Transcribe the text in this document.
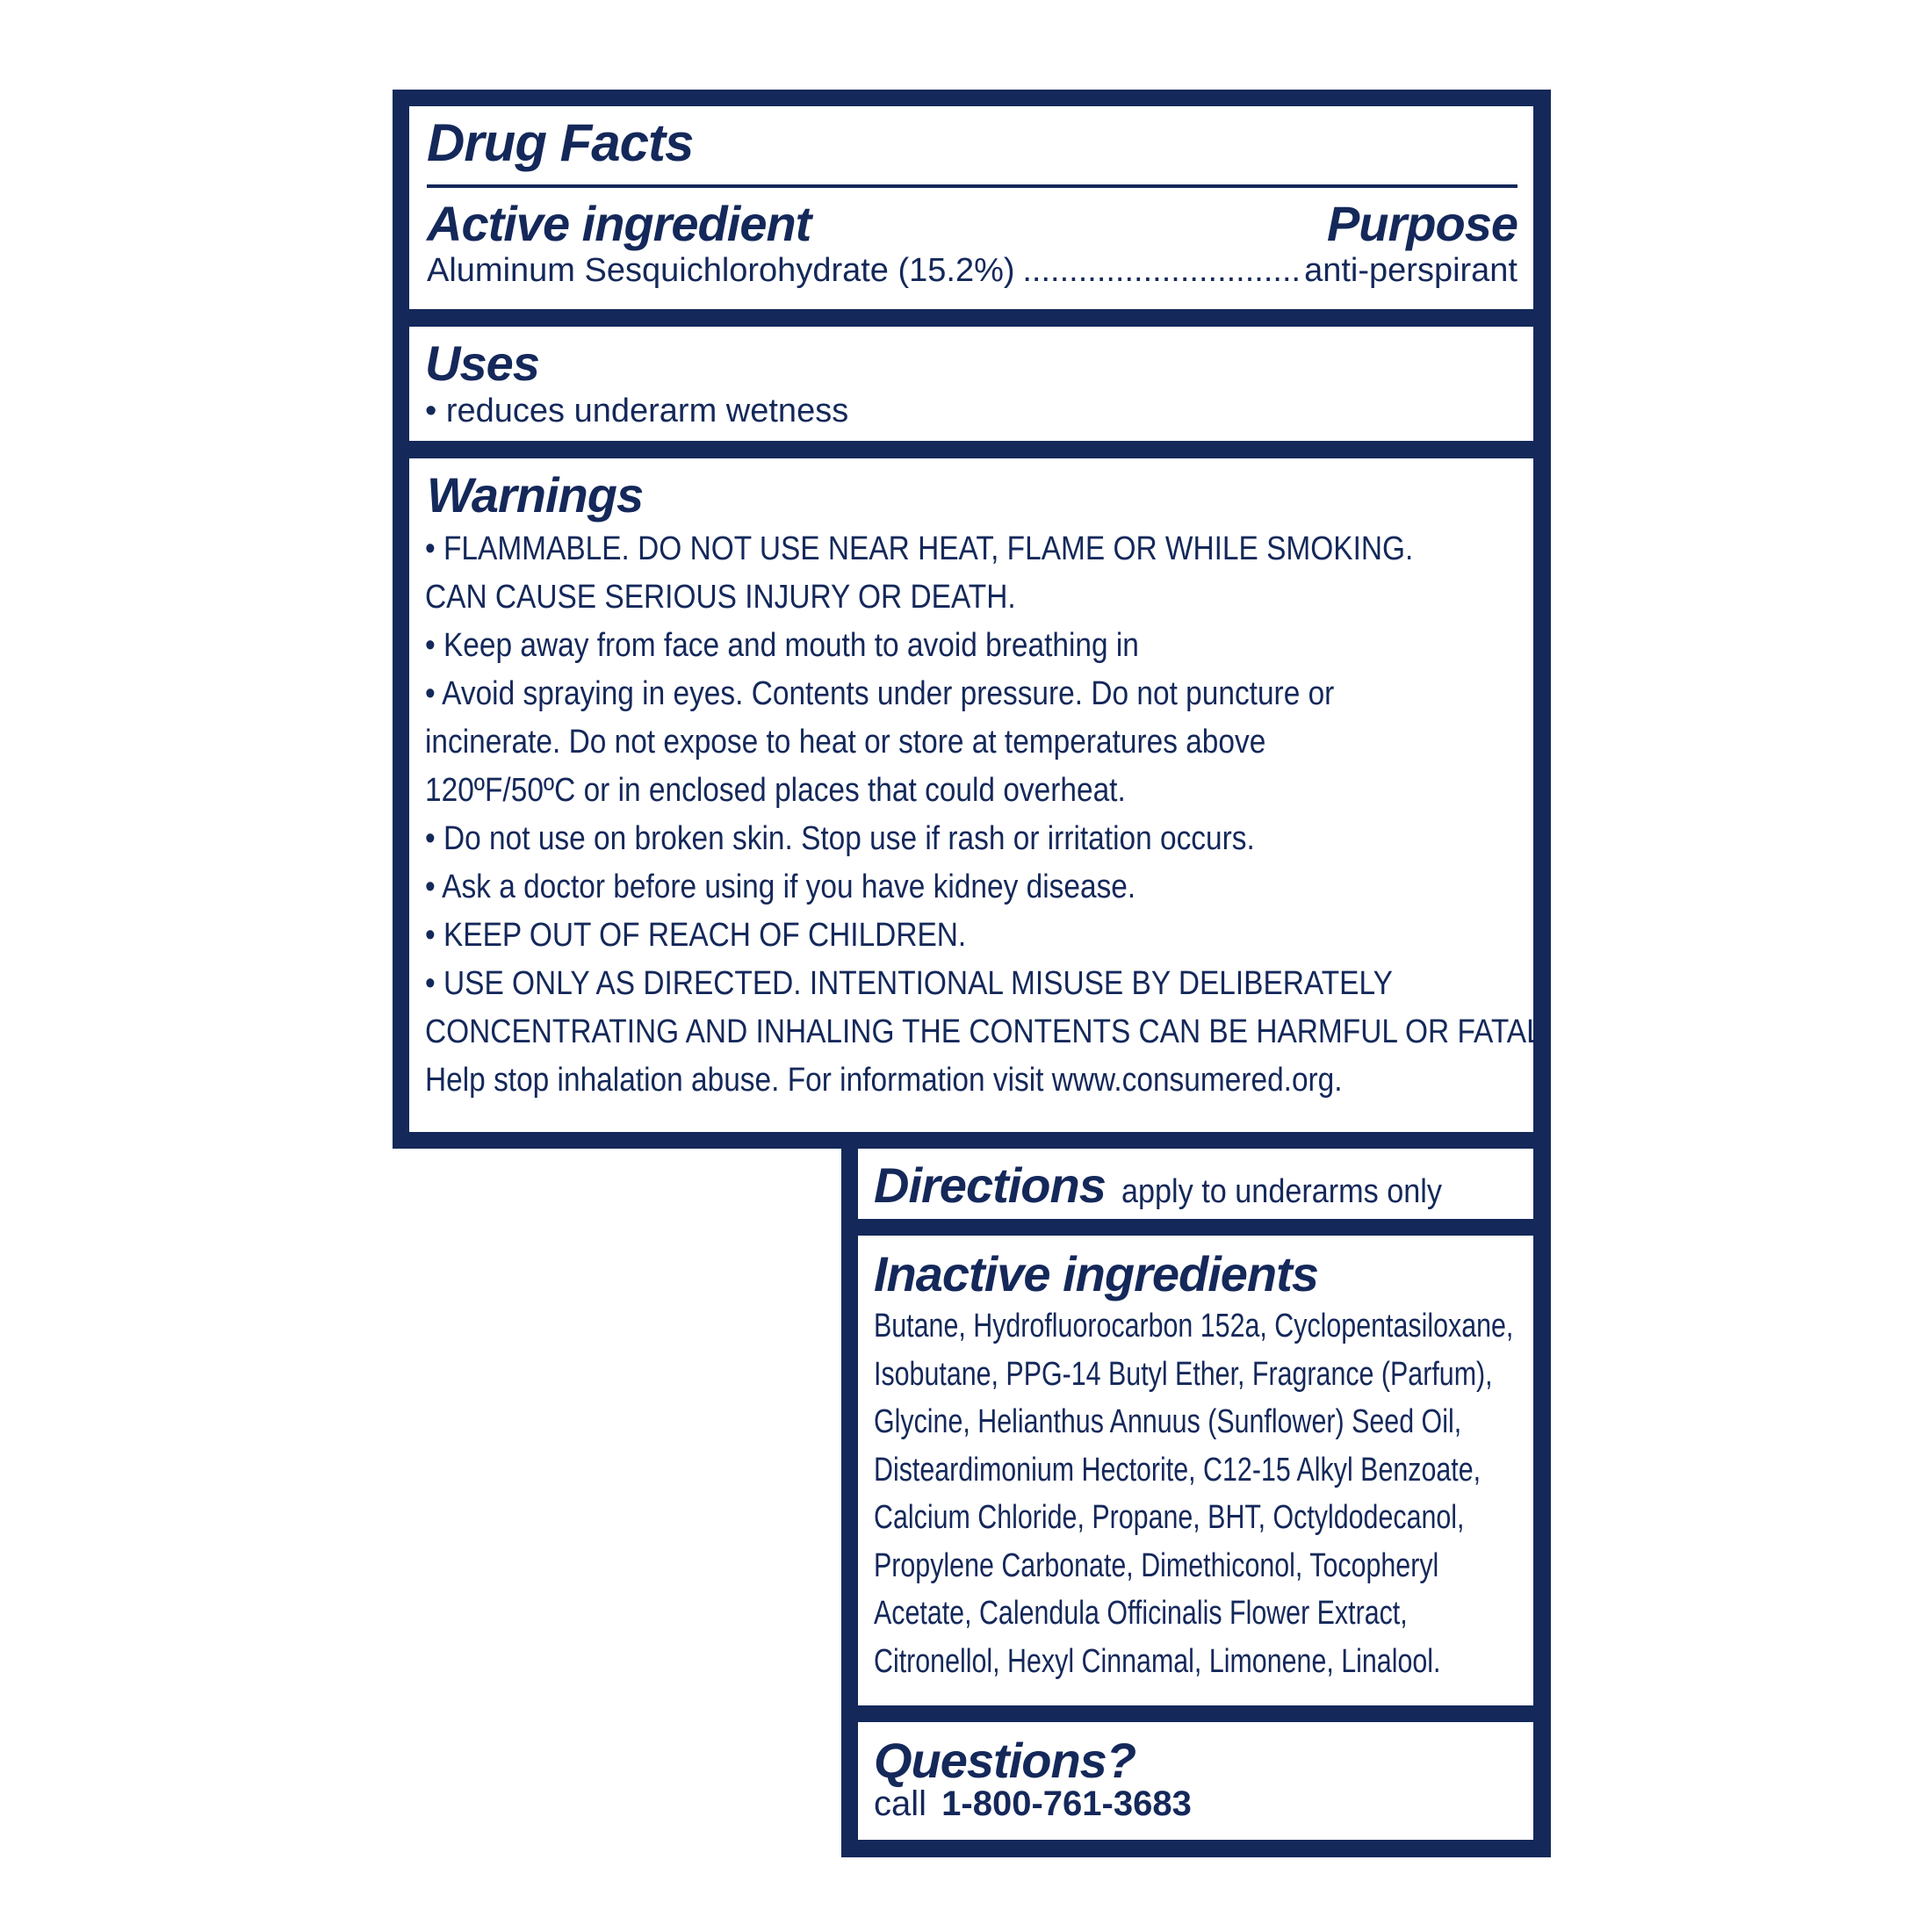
Drug Facts
Active ingredient	Purpose
Aluminum Sesquichlorohydrate (15.2%) .............................. anti-perspirant
Uses
• reduces underarm wetness
Warnings
• FLAMMABLE. DO NOT USE NEAR HEAT, FLAME OR WHILE SMOKING.
CAN CAUSE SERIOUS INJURY OR DEATH.
• Keep away from face and mouth to avoid breathing in
• Avoid spraying in eyes. Contents under pressure. Do not puncture or
incinerate. Do not expose to heat or store at temperatures above
120ºF/50ºC or in enclosed places that could overheat.
• Do not use on broken skin. Stop use if rash or irritation occurs.
• Ask a doctor before using if you have kidney disease.
• KEEP OUT OF REACH OF CHILDREN.
• USE ONLY AS DIRECTED. INTENTIONAL MISUSE BY DELIBERATELY
CONCENTRATING AND INHALING THE CONTENTS CAN BE HARMFUL OR FATAL.
Help stop inhalation abuse. For information visit www.consumered.org.
Directions apply to underarms only
Inactive ingredients
Butane, Hydrofluorocarbon 152a, Cyclopentasiloxane,
Isobutane, PPG-14 Butyl Ether, Fragrance (Parfum),
Glycine, Helianthus Annuus (Sunflower) Seed Oil,
Disteardimonium Hectorite, C12-15 Alkyl Benzoate,
Calcium Chloride, Propane, BHT, Octyldodecanol,
Propylene Carbonate, Dimethiconol, Tocopheryl
Acetate, Calendula Officinalis Flower Extract,
Citronellol, Hexyl Cinnamal, Limonene, Linalool.
Questions?
call 1-800-761-3683
